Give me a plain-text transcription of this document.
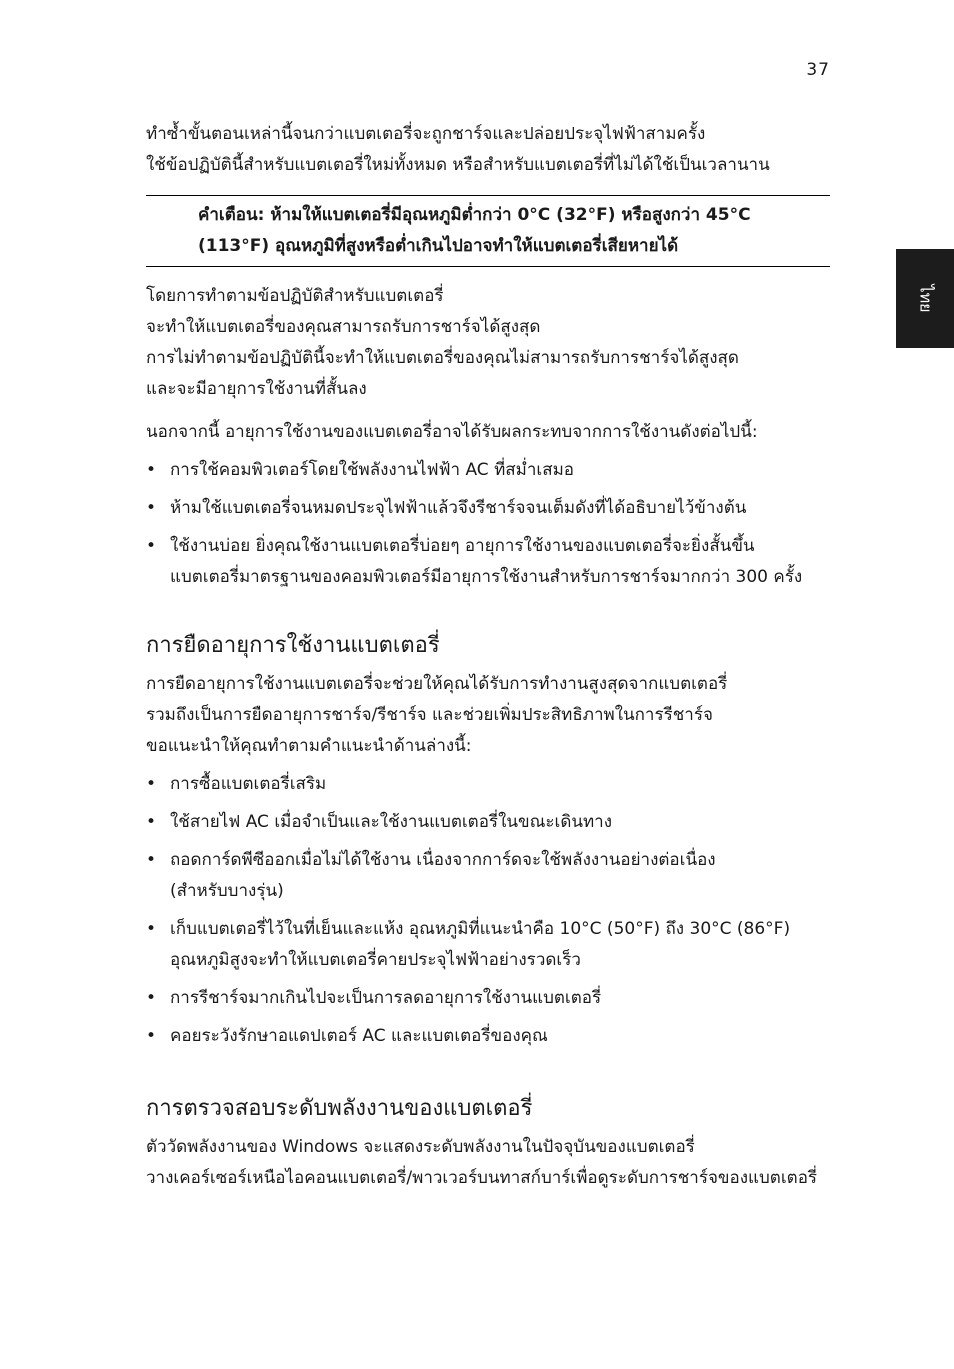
37
ไทย

ทำซ้ำขั้นตอนเหล่านี้จนกว่าแบตเตอรี่จะถูกชาร์จและปล่อยประจุไฟฟ้าสามครั้ง

ใช้ข้อปฏิบัตินี้สำหรับแบตเตอรี่ใหม่ทั้งหมด หรือสำหรับแบตเตอรี่ที่ไม่ได้ใช้เป็นเวลานาน

คำเตือน: ห้ามให้แบตเตอรี่มีอุณหภูมิต่ำกว่า 0°C (32°F) หรือสูงกว่า 45°C

(113°F) อุณหภูมิที่สูงหรือต่ำเกินไปอาจทำให้แบตเตอรี่เสียหายได้

โดยการทำตามข้อปฏิบัติสำหรับแบตเตอรี่

จะทำให้แบตเตอรี่ของคุณสามารถรับการชาร์จได้สูงสุด

การไม่ทำตามข้อปฏิบัตินี้จะทำให้แบตเตอรี่ของคุณไม่สามารถรับการชาร์จได้สูงสุด

และจะมีอายุการใช้งานที่สั้นลง

นอกจากนี้ อายุการใช้งานของแบตเตอรี่อาจได้รับผลกระทบจากการใช้งานดังต่อไปนี้:

• การใช้คอมพิวเตอร์โดยใช้พลังงานไฟฟ้า AC ที่สม่ำเสมอ

• ห้ามใช้แบตเตอรี่จนหมดประจุไฟฟ้าแล้วจึงรีชาร์จจนเต็มดังที่ได้อธิบายไว้ข้างต้น

• ใช้งานบ่อย ยิ่งคุณใช้งานแบตเตอรี่บ่อยๆ อายุการใช้งานของแบตเตอรี่จะยิ่งสั้นขึ้น

แบตเตอรี่มาตรฐานของคอมพิวเตอร์มีอายุการใช้งานสำหรับการชาร์จมากกว่า 300 ครั้ง

การยืดอายุการใช้งานแบตเตอรี่

การยืดอายุการใช้งานแบตเตอรี่จะช่วยให้คุณได้รับการทำงานสูงสุดจากแบตเตอรี่

รวมถึงเป็นการยืดอายุการชาร์จ/รีชาร์จ และช่วยเพิ่มประสิทธิภาพในการรีชาร์จ

ขอแนะนำให้คุณทำตามคำแนะนำด้านล่างนี้:

• การซื้อแบตเตอรี่เสริม

• ใช้สายไฟ AC เมื่อจำเป็นและใช้งานแบตเตอรี่ในขณะเดินทาง

• ถอดการ์ดพีซีออกเมื่อไม่ได้ใช้งาน เนื่องจากการ์ดจะใช้พลังงานอย่างต่อเนื่อง

(สำหรับบางรุ่น)

• เก็บแบตเตอรี่ไว้ในที่เย็นและแห้ง อุณหภูมิที่แนะนำคือ 10°C (50°F) ถึง 30°C (86°F)

อุณหภูมิสูงจะทำให้แบตเตอรี่คายประจุไฟฟ้าอย่างรวดเร็ว

• การรีชาร์จมากเกินไปจะเป็นการลดอายุการใช้งานแบตเตอรี่

• คอยระวังรักษาอแดปเตอร์ AC และแบตเตอรี่ของคุณ

การตรวจสอบระดับพลังงานของแบตเตอรี่

ตัววัดพลังงานของ Windows จะแสดงระดับพลังงานในปัจจุบันของแบตเตอรี่

วางเคอร์เซอร์เหนือไอคอนแบตเตอรี่/พาวเวอร์บนทาสก์บาร์เพื่อดูระดับการชาร์จของแบตเตอรี่
